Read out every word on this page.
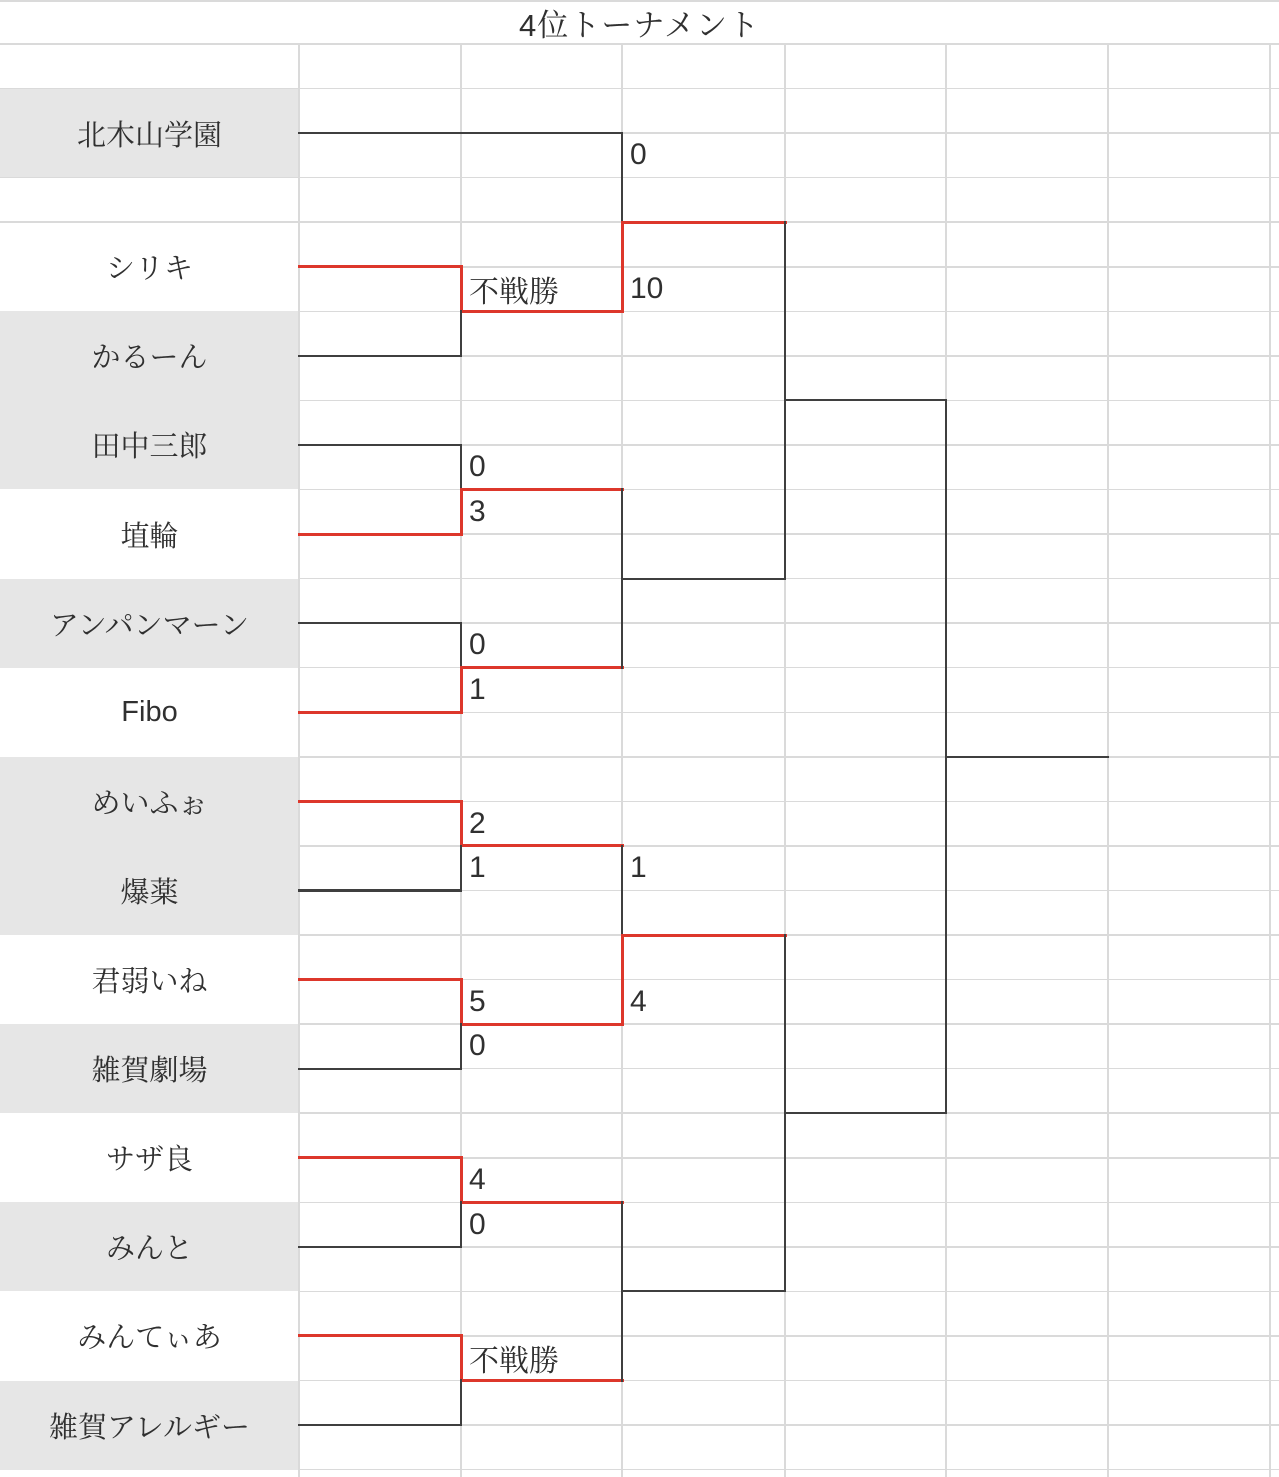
4位トーナメント
北木山学園
シリキ
かるーん
田中三郎
埴輪
アンパンマーン
Fibo
めいふぉ
爆薬
君弱いね
雑賀劇場
サザ良
みんと
みんてぃあ
雑賀アレルギー
不戦勝
0
3
0
1
2
1
5
0
4
0
不戦勝
0
10
1
4
